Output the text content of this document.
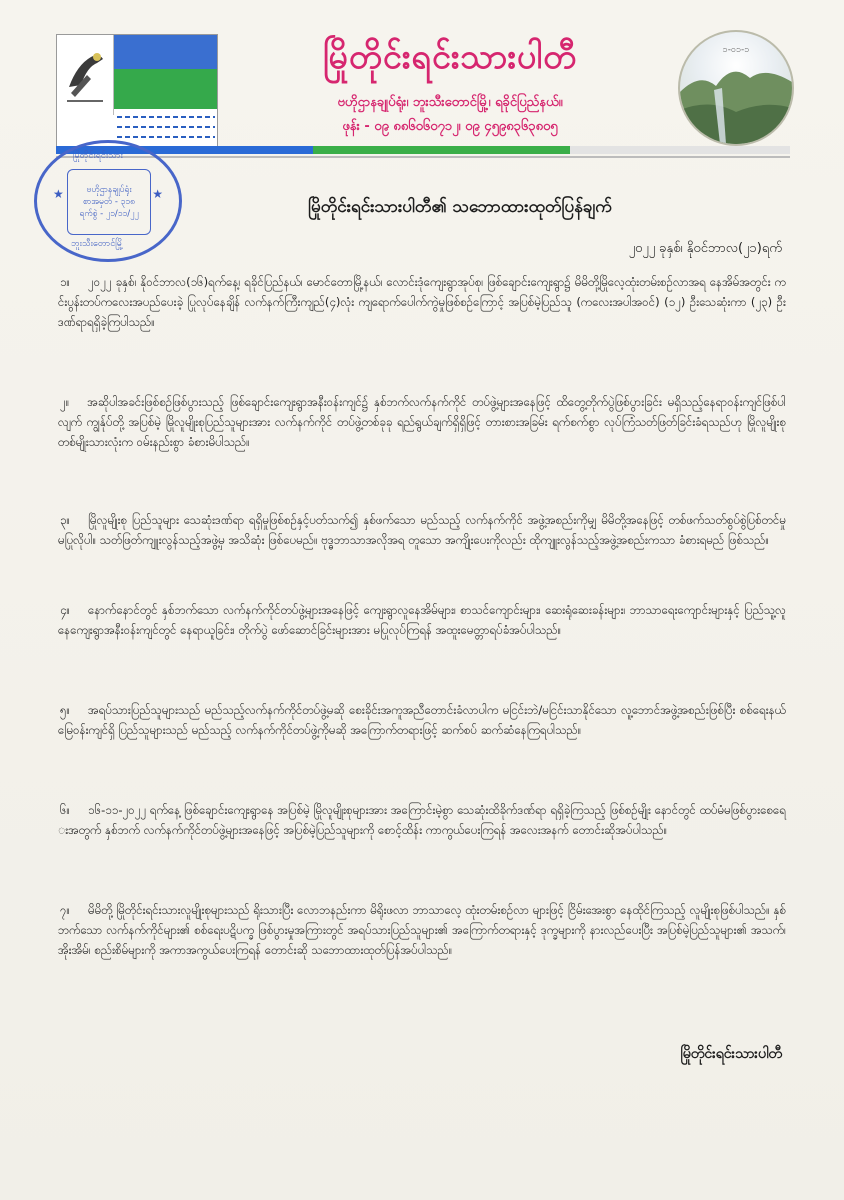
မြိုတိုင်းရင်းသားပါတီ
ဗဟိုဌာနချုပ်ရုံး၊ ဘူးသီးတောင်မြို့၊ ရခိုင်ပြည်နယ်။
ဖုန်း - ၀၉ ၈၈၆၀၆၀၇၁၂၊ ၀၉ ၄၅၉၈၃၆၃၈၀၅
၁-၀၁-၁
မြိုတိုင်းရင်းသား
★	★
ဗဟိုဌာနချုပ်ရုံး
စာအမှတ် - ၃၁၈
ရက်စွဲ - ၂၁/၁၁/၂၂
ဘူးသီးတောင်မြို့
မြိုတိုင်းရင်းသားပါတီ၏ သဘောထားထုတ်ပြန်ချက်
၂၀၂၂ ခုနှစ်၊ နိုဝင်ဘာလ(၂၁)ရက်
၁။ ၂၀၂၂ ခုနှစ်၊ နိုဝင်ဘာလ(၁၆)ရက်နေ့၊ ရခိုင်ပြည်နယ်၊ မောင်တောမြို့နယ်၊ လောင်းဒုံကျေးရွာအုပ်စု၊ ဖြစ်ချောင်းကျေးရွာ၌ မိမိတို့မြိုလေ့ထုံးတမ်းစဉ်လာအရ နေအိမ်အတွင်း ကင်းပွန်းတပ်ကလေးအပည်ပေးခဲ့ ပြုလုပ်နေချိန် လက်နက်ကြီးကျည်(၄)လုံး ကျရောက်ပေါက်ကွဲမှုဖြစ်စဉ်ကြောင့် အပြစ်မဲ့ပြည်သူ (ကလေးအပါအဝင်) (၁၂) ဦးသေဆုံးကာ (၂၃) ဦး ဒဏ်ရာရရှိခဲ့ကြပါသည်။
၂။ အဆိုပါအခင်းဖြစ်စဉ်ဖြစ်ပွားသည့် ဖြစ်ချောင်းကျေးရွာအနီးဝန်းကျင်၌ နှစ်ဘက်လက်နက်ကိုင် တပ်ဖွဲ့များအနေဖြင့် ထိတွေ့တိုက်ပွဲဖြစ်ပွားခြင်း မရှိသည့်နေရာဝန်းကျင်ဖြစ်ပါလျက် ကျွန်ုပ်တို့ အပြစ်မဲ့ မြိုလူမျိုးစုပြည်သူများအား လက်နက်ကိုင် တပ်ဖွဲ့တစ်ခုခု ရည်ရွယ်ချက်ရှိရှိဖြင့် တားစားအခြမ်း ရက်စက်စွာ လုပ်ကြံသတ်ဖြတ်ခြင်းခံရသည်ဟု မြိုလူမျိုးစု တစ်မျိုးသားလုံးက ဝမ်းနည်းစွာ ခံစားမိပါသည်။
၃။ မြိုလူမျိုးစု ပြည်သူများ သေဆုံးဒဏ်ရာ ရရှိမှုဖြစ်စဉ်နှင့်ပတ်သက်၍ နှစ်ဖက်သော မည်သည့် လက်နက်ကိုင် အဖွဲ့အစည်းကိုမျှ မိမိတို့အနေဖြင့် တစ်ဖက်သတ်စွပ်စွဲပြစ်တင်မှု မပြုလိုပါ။ သတ်ဖြတ်ကျူးလွန်သည့်အဖွဲ့မှ အသိဆုံး ဖြစ်ပေမည်။ ဗုဒ္ဓဘာသာအလိုအရ တူသော အကျိုးပေးကိုလည်း ထိုကျူးလွန်သည့်အဖွဲ့အစည်းကသာ ခံစားရမည် ဖြစ်သည်။
၄။ နောက်နောင်တွင် နှစ်ဘက်သော လက်နက်ကိုင်တပ်ဖွဲ့များအနေဖြင့် ကျေးရွာလူနေအိမ်များ၊ စာသင်ကျောင်းများ၊ ဆေးရုံဆေးခန်းများ၊ ဘာသာရေးကျောင်းများနှင့် ပြည်သူ့လူနေကျေးရွာအနီးဝန်းကျင်တွင် နေရာယူခြင်း၊ တိုက်ပွဲ ဖော်ဆောင်ခြင်းများအား မပြုလုပ်ကြရန် အထူးမေတ္တာရပ်ခံအပ်ပါသည်။
၅။ အရပ်သားပြည်သူများသည် မည်သည့်လက်နက်ကိုင်တပ်ဖွဲ့မဆို စေးခိုင်းအကူအညီတောင်းခံလာပါက မငြင်းဘဲ/မငြင်းသာနိုင်သော လူ့ဘောင်အဖွဲ့အစည်းဖြစ်ပြီး စစ်ရေးနယ်မြေဝန်းကျင်ရှိ ပြည်သူများသည် မည်သည့် လက်နက်ကိုင်တပ်ဖွဲ့ကိုမဆို အကြောက်တရားဖြင့် ဆက်စပ် ဆက်ဆံနေကြရပါသည်။
၆။ ၁၆-၁၁-၂၀၂၂ ရက်နေ့ ဖြစ်ချောင်းကျေးရွာနေ အပြစ်မဲ့ မြိုလူမျိုးစုများအား အကြောင်းမဲ့စွာ သေဆုံးထိခိုက်ဒဏ်ရာ ရရှိခဲ့ကြသည့် ဖြစ်စဉ်မျိုး နောင်တွင် ထပ်မံမဖြစ်ပွားစေရေးအတွက် နှစ်ဘက် လက်နက်ကိုင်တပ်ဖွဲ့များအနေဖြင့် အပြစ်မဲ့ပြည်သူများကို စောင့်ထိန်း ကာကွယ်ပေးကြရန် အလေးအနက် တောင်းဆိုအပ်ပါသည်။
၇။ မိမိတို့ မြိုတိုင်းရင်းသားလူမျိုးစုများသည် ရိုးသားပြီး လောဘနည်းကာ မိရိုးဖလာ ဘာသာလေ့ ထုံးတမ်းစဉ်လာ များဖြင့် ငြိမ်းအေးစွာ နေထိုင်ကြသည့် လူမျိုးစုဖြစ်ပါသည်။ နှစ်ဘက်သော လက်နက်ကိုင်များ၏ စစ်ရေးပဋိပက္ခ ဖြစ်ပွားမှုအကြားတွင် အရပ်သားပြည်သူများ၏ အကြောက်တရားနှင့် ဒုက္ခများကို နားလည်ပေးပြီး အပြစ်မဲ့ပြည်သူများ၏ အသက်၊ အိုးအိမ်၊ စည်းစိမ်များကို အကာအကွယ်ပေးကြရန် တောင်းဆို သဘောထားထုတ်ပြန်အပ်ပါသည်။
မြိုတိုင်းရင်းသားပါတီ
